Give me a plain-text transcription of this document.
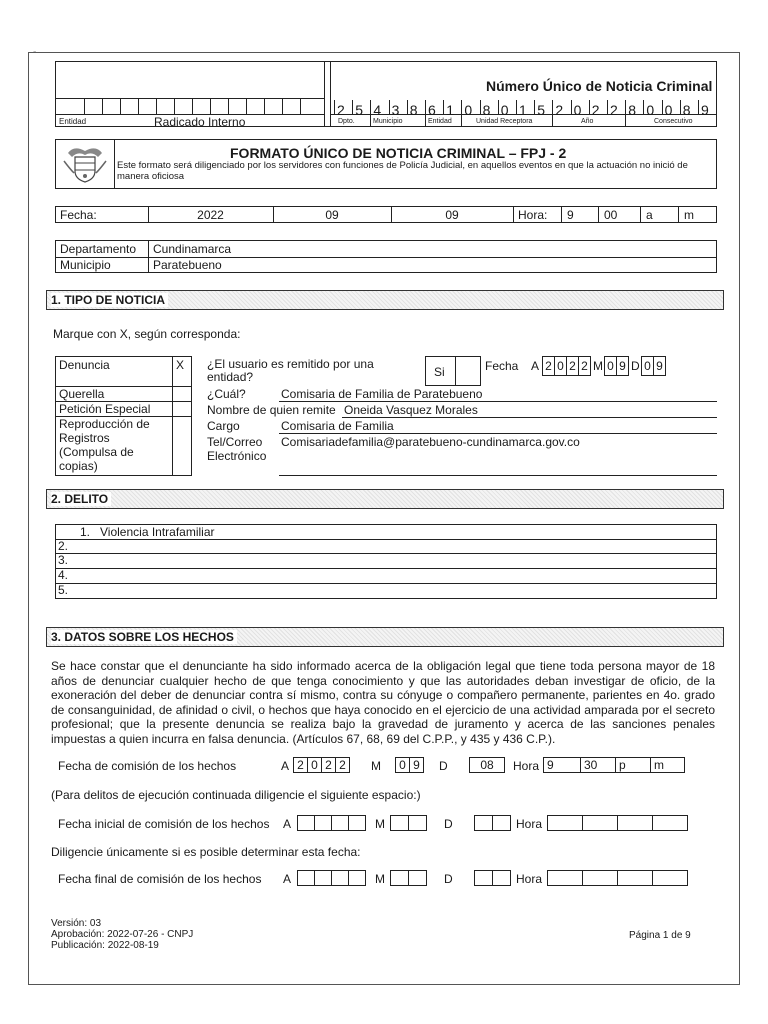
-
Entidad	Radicado Interno
Número Único de Noticia Criminal
2 5 4 3 8 6 1 0 8 0 1 5 2 0 2 2 8 0 0 8 9
Dpto.	Municipio	Entidad	Unidad Receptora	Año	Consecutivo
FORMATO ÚNICO DE NOTICIA CRIMINAL – FPJ - 2
Este formato será diligenciado por los servidores con funciones de Policía Judicial, en aquellos eventos en que la actuación no inició de manera oficiosa
Fecha:	2022	09	09	Hora: 9	00 a	m
Departamento Cundinamarca
Municipio	Paratebueno
1. TIPO DE NOTICIA
Marque con X, según corresponda:
Denuncia	X
Querella
Petición Especial
Reproducción de Registros (Compulsa de copias)
¿El usuario es remitido por una entidad?	Si	Fecha A 2 0 2 2 M 0 9 D 0 9
¿Cuál?	Comisaria de Familia de Paratebueno
Nombre de quien remite Oneida Vasquez Morales
Cargo	Comisaria de Familia
Tel/Correo Electrónico
Comisariadefamilia@paratebueno-cundinamarca.gov.co
2. DELITO
1.   Violencia Intrafamiliar
2.
3.
4.
5.
3. DATOS SOBRE LOS HECHOS

Se hace constar que el denunciante ha sido informado acerca de la obligación legal que tiene toda persona mayor de 18 años de denunciar cualquier hecho de que tenga conocimiento y que las autoridades deban investigar de oficio, de la exoneración del deber de denunciar contra sí mismo, contra su cónyuge o compañero permanente, parientes en 4o. grado de consanguinidad, de afinidad o civil, o hechos que haya conocido en el ejercicio de una actividad amparada por el secreto profesional; que la presente denuncia se realiza bajo la gravedad de juramento y acerca de las sanciones penales impuestas a quien incurra en falsa denuncia. (Artículos 67, 68, 69 del C.P.P., y 435 y 436 C.P.).

Fecha de comisión de los hechos	A 2 0 2 2	M	0 9	D	08	Hora 9	30	p	m
(Para delitos de ejecución continuada diligencie el siguiente espacio:)
Fecha inicial de comisión de los hechos A	M	D	Hora
Diligencie únicamente si es posible determinar esta fecha:
Fecha final de comisión de los hechos A	M	D	Hora
Versión: 03
Aprobación: 2022-07-26 - CNPJ
Publicación: 2022-08-19
Página 1 de 9
